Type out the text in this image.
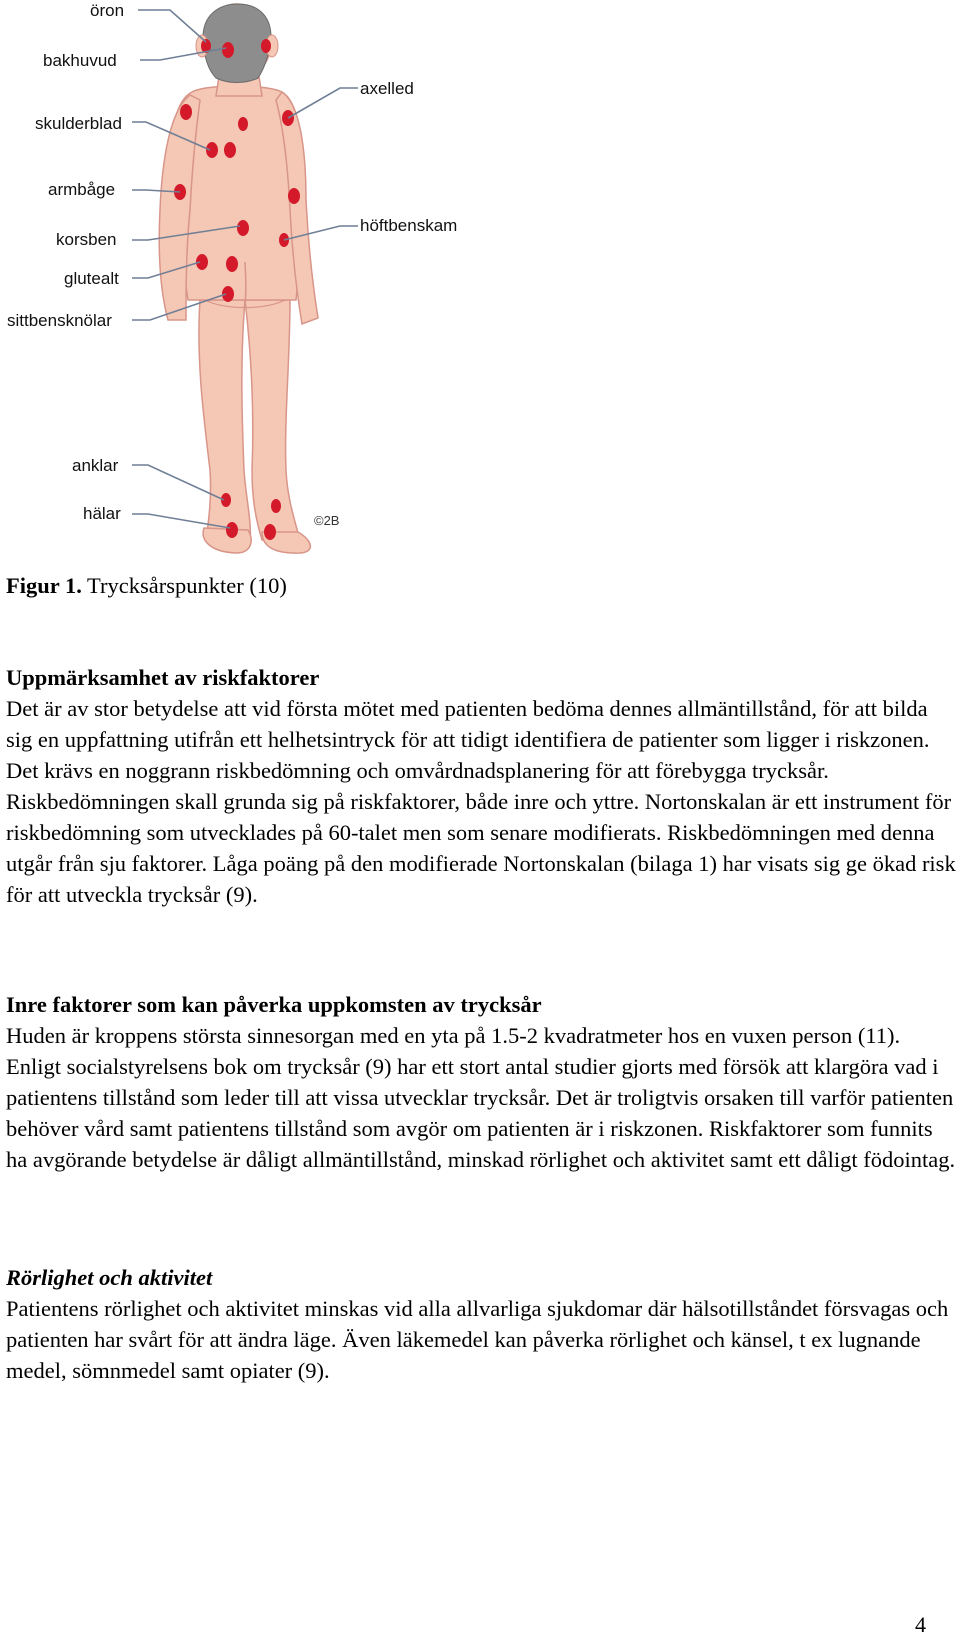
öron
bakhuvud
skulderblad
armbåge
korsben
glutealt
sittbensknölar
anklar
hälar
axelled
höftbenskam
©2B
Figur 1. Trycksårspunkter (10)

Uppmärksamhet av riskfaktorer

Det är av stor betydelse att vid första mötet med patienten bedöma dennes allmäntillstånd, för att bilda sig en uppfattning utifrån ett helhetsintryck för att tidigt identifiera de patienter som ligger i riskzonen. Det krävs en noggrann riskbedömning och omvårdnadsplanering för att förebygga trycksår. Riskbedömningen skall grunda sig på riskfaktorer, både inre och yttre. Nortonskalan är ett instrument för riskbedömning som utvecklades på 60-talet men som senare modifierats. Riskbedömningen med denna utgår från sju faktorer. Låga poäng på den modifierade Nortonskalan (bilaga 1) har visats sig ge ökad risk för att utveckla trycksår (9).

Inre faktorer som kan påverka uppkomsten av trycksår

Huden är kroppens största sinnesorgan med en yta på 1.5-2 kvadratmeter hos en vuxen person (11). Enligt socialstyrelsens bok om trycksår (9) har ett stort antal studier gjorts med försök att klargöra vad i patientens tillstånd som leder till att vissa utvecklar trycksår. Det är troligtvis orsaken till varför patienten behöver vård samt patientens tillstånd som avgör om patienten är i riskzonen. Riskfaktorer som funnits ha avgörande betydelse är dåligt allmäntillstånd, minskad rörlighet och aktivitet samt ett dåligt födointag.

Rörlighet och aktivitet

Patientens rörlighet och aktivitet minskas vid alla allvarliga sjukdomar där hälsotillståndet försvagas och patienten har svårt för att ändra läge. Även läkemedel kan påverka rörlighet och känsel, t ex lugnande medel, sömnmedel samt opiater (9).

4
